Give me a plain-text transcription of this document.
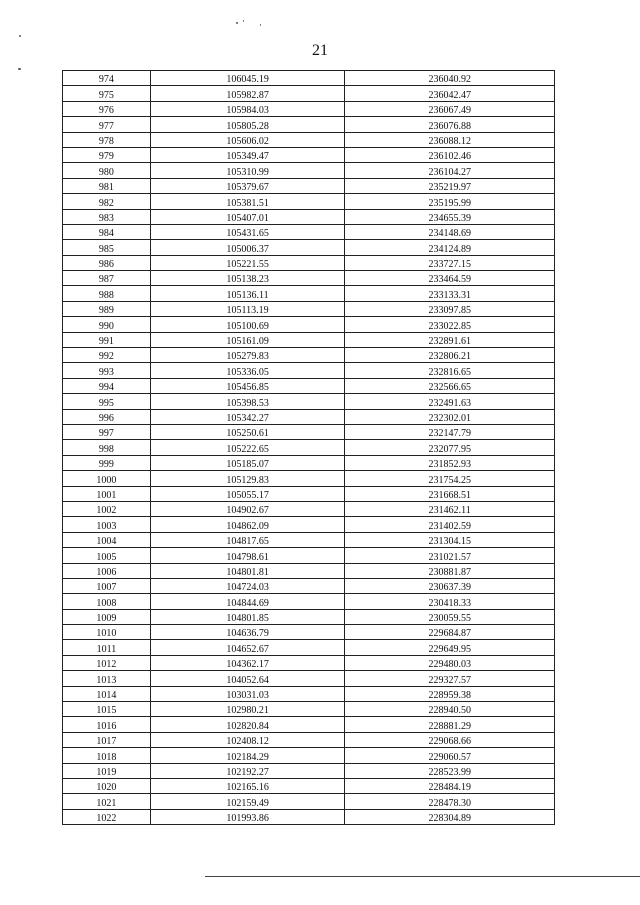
21
974	106045.19	236040.92
975	105982.87	236042.47
976	105984.03	236067.49
977	105805.28	236076.88
978	105606.02	236088.12
979	105349.47	236102.46
980	105310.99	236104.27
981	105379.67	235219.97
982	105381.51	235195.99
983	105407.01	234655.39
984	105431.65	234148.69
985	105006.37	234124.89
986	105221.55	233727.15
987	105138.23	233464.59
988	105136.11	233133.31
989	105113.19	233097.85
990	105100.69	233022.85
991	105161.09	232891.61
992	105279.83	232806.21
993	105336.05	232816.65
994	105456.85	232566.65
995	105398.53	232491.63
996	105342.27	232302.01
997	105250.61	232147.79
998	105222.65	232077.95
999	105185.07	231852.93
1000	105129.83	231754.25
1001	105055.17	231668.51
1002	104902.67	231462.11
1003	104862.09	231402.59
1004	104817.65	231304.15
1005	104798.61	231021.57
1006	104801.81	230881.87
1007	104724.03	230637.39
1008	104844.69	230418.33
1009	104801.85	230059.55
1010	104636.79	229684.87
1011	104652.67	229649.95
1012	104362.17	229480.03
1013	104052.64	229327.57
1014	103031.03	228959.38
1015	102980.21	228940.50
1016	102820.84	228881.29
1017	102408.12	229068.66
1018	102184.29	229060.57
1019	102192.27	228523.99
1020	102165.16	228484.19
1021	102159.49	228478.30
1022	101993.86	228304.89
